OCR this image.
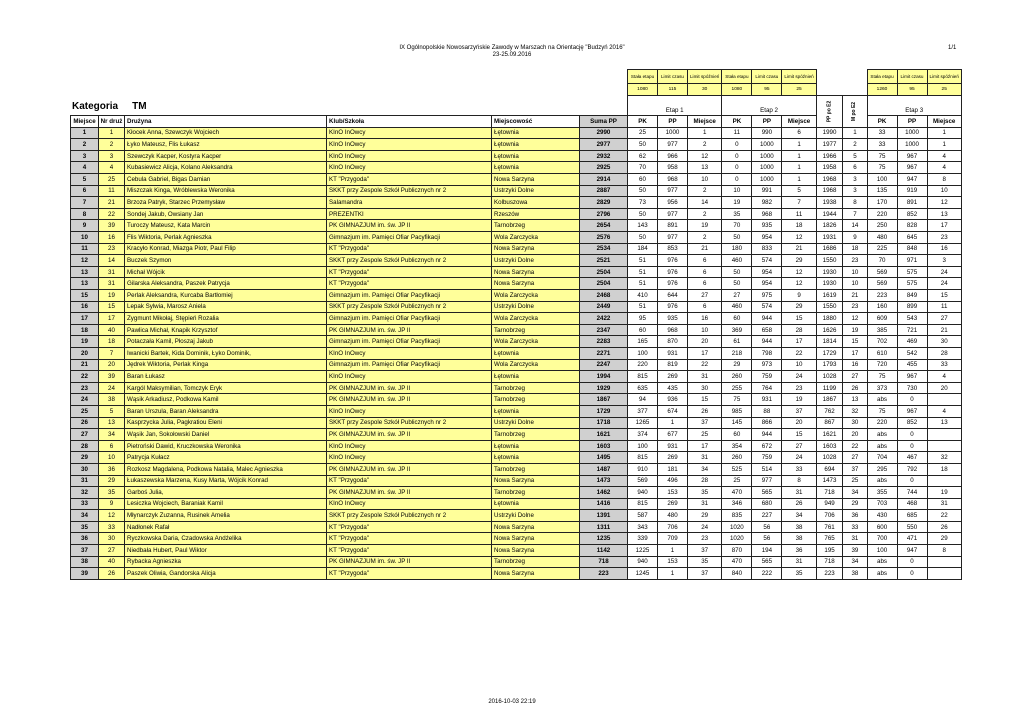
IX Ogólnopolskie Nowosarzyńskie Zawody w Marszach na Orientację "Budzyń 2016"
23-25.09.2016
1/1
						Stała etapu	Limit czasu	Limit spóźnień	Stała etapu	Limit czasu	Limit spóźnień			Stała etapu	Limit czasu	Limit spóźnień
						1080	115	30	1080	95	25			1260	95	25
						Etap 1			Etap 2			PP po E2	M po E2	Etap 3		
Miejsce	Nr druż	Drużyna	Klub/Szkoła	Miejscowość	Suma PP	PK	PP	Miejsce	PK	PP	Miejsce			PK	PP	Miejsce
1	1	Kłocek Anna, Szewczyk Wojciech	KInO InOwcy	Łętownia	2990	25	1000	1	11	990	6	1990	1	33	1000	1
2	2	Łyko Mateusz, Flis Łukasz	KInO InOwcy	Łętownia	2977	50	977	2	0	1000	1	1977	2	33	1000	1
3	3	Szewczyk Kacper, Kostyra Kacper	KInO InOwcy	Łętownia	2932	62	966	12	0	1000	1	1966	5	75	967	4
4	4	Kubasiewicz Alicja, Kolano Aleksandra	KInO InOwcy	Łętownia	2925	70	958	13	0	1000	1	1958	6	75	967	4
5	25	Cebula Gabriel, Bigas Damian	KT "Przygoda"	Nowa Sarzyna	2914	60	968	10	0	1000	1	1968	3	100	947	8
6	11	Miszczak Kinga, Wróblewska Weronika	SKKT przy Zespole Szkół Publicznych nr 2	Ustrzyki Dolne	2887	50	977	2	10	991	5	1968	3	135	919	10
7	21	Brzoza Patryk, Starzec Przemysław	Salamandra	Kolbuszowa	2829	73	956	14	19	982	7	1938	8	170	891	12
8	22	Sondej Jakub, Owsiany Jan	PREZENTKI	Rzeszów	2796	50	977	2	35	968	11	1944	7	220	852	13
9	39	Turoczy Mateusz, Kata Marcin	PK GIMNAZJUM im. św. JP II	Tarnobrzeg	2654	143	891	19	70	935	18	1826	14	250	828	17
10	16	Flis Wiktoria, Perlak Agnieszka	Gimnazjum im. Pamięci Ofiar Pacyfikacji	Wola Zarczycka	2576	50	977	2	50	954	12	1931	9	480	645	23
11	23	Kracyło Konrad, Miazga Piotr, Paul Filip	KT "Przygoda"	Nowa Sarzyna	2534	184	853	21	180	833	21	1686	18	225	848	16
12	14	Buczek Szymon	SKKT przy Zespole Szkół Publicznych nr 2	Ustrzyki Dolne	2521	51	976	6	460	574	29	1550	23	70	971	3
13	31	Michał Wójcik	KT "Przygoda"	Nowa Sarzyna	2504	51	976	6	50	954	12	1930	10	569	575	24
13	31	Gilarska Aleksandra, Paszek Patrycja	KT "Przygoda"	Nowa Sarzyna	2504	51	976	6	50	954	12	1930	10	569	575	24
15	19	Perlak Aleksandra, Kurcaba Bartłomiej	Gimnazjum im. Pamięci Ofiar Pacyfikacji	Wola Zarczycka	2468	410	644	27	27	975	9	1619	21	223	849	15
16	15	Lepak Sylwia, Marosz Aniela	SKKT przy Zespole Szkół Publicznych nr 2	Ustrzyki Dolne	2449	51	976	6	460	574	29	1550	23	160	899	11
17	17	Zygmunt Mikołaj, Stępień Rozalia	Gimnazjum im. Pamięci Ofiar Pacyfikacji	Wola Zarczycka	2422	95	935	16	60	944	15	1880	12	609	543	27
18	40	Pawlica Michał, Knapik Krzysztof	PK GIMNAZJUM im. św. JP II	Tarnobrzeg	2347	60	968	10	369	658	28	1626	19	385	721	21
19	18	Potaczała Kamil, Płoszaj Jakub	Gimnazjum im. Pamięci Ofiar Pacyfikacji	Wola Zarczycka	2283	165	870	20	61	944	17	1814	15	702	469	30
20	7	Iwanicki Bartek, Kida Dominik, Łyko Dominik,	KInO InOwcy	Łętownia	2271	100	931	17	218	798	22	1729	17	610	542	28
21	20	Jędrek Wiktoria, Perlak Kinga	Gimnazjum im. Pamięci Ofiar Pacyfikacji	Wola Zarczycka	2247	220	819	22	29	973	10	1793	16	720	455	33
22	39	Baran Łukasz	KInO InOwcy	Łętownia	1994	815	269	31	260	759	24	1028	27	75	967	4
23	24	Kargól Maksymilian, Tomczyk Eryk	PK GIMNAZJUM im. św. JP II	Tarnobrzeg	1929	635	435	30	255	764	23	1199	26	373	730	20
24	38	Wąsik Arkadiusz, Podkowa Kamil	PK GIMNAZJUM im. św. JP II	Tarnobrzeg	1867	94	936	15	75	931	19	1867	13	abs	0	
25	5	Baran Urszula, Baran Aleksandra	KInO InOwcy	Łętownia	1729	377	674	26	985	88	37	762	32	75	967	4
26	13	Kasprzycka Julia, Pagkratiou Eleni	SKKT przy Zespole Szkół Publicznych nr 2	Ustrzyki Dolne	1718	1265	1	37	145	866	20	867	30	220	852	13
27	34	Wąsik Jan, Sokołowski Daniel	PK GIMNAZJUM im. św. JP II	Tarnobrzeg	1621	374	677	25	60	944	15	1621	20	abs	0	
28	6	Pietroński Dawid, Kruczkowska Weronika	KInO InOwcy	Łętownia	1603	100	931	17	354	672	27	1603	22	abs	0	
29	10	Patrycja Kułacz	KInO InOwcy	Łętownia	1495	815	269	31	260	759	24	1028	27	704	467	32
30	36	Rozkosz Magdalena, Podkowa Natalia, Malec Agnieszka	PK GIMNAZJUM im. św. JP II	Tarnobrzeg	1487	910	181	34	525	514	33	694	37	295	792	18
31	29	Łukaszewska Marzena, Kusy Marta, Wójcik Konrad	KT "Przygoda"	Nowa Sarzyna	1473	569	496	28	25	977	8	1473	25	abs	0	
32	35	Garboś Julia,	PK GIMNAZJUM im. św. JP II	Tarnobrzeg	1462	940	153	35	470	565	31	718	34	355	744	19
33	9	Lesiczka Wojciech, Baraniak Kamil	KInO InOwcy	Łętownia	1416	815	269	31	346	680	26	949	29	703	468	31
34	12	Młynarczyk Zuzanna, Rusinek Amelia	SKKT przy Zespole Szkół Publicznych nr 2	Ustrzyki Dolne	1391	587	480	29	835	227	34	706	36	430	685	22
35	33	Nadłonek Rafał	KT "Przygoda"	Nowa Sarzyna	1311	343	706	24	1020	56	38	761	33	600	550	26
36	30	Ryczkowska Daria, Czadowska Andżelika	KT "Przygoda"	Nowa Sarzyna	1235	339	709	23	1020	56	38	765	31	700	471	29
37	27	Niedbała Hubert, Paul Wiktor	KT "Przygoda"	Nowa Sarzyna	1142	1225	1	37	870	194	36	195	39	100	947	8
38	40	Rybacka Agnieszka	PK GIMNAZJUM im. św. JP II	Tarnobrzeg	718	940	153	35	470	565	31	718	34	abs	0	
39	26	Paszek Oliwia, Gandorska Alicja	KT "Przygoda"	Nowa Sarzyna	223	1245	1	37	840	222	35	223	38	abs	0	
Kategoria TM
2016-10-03 22:19
